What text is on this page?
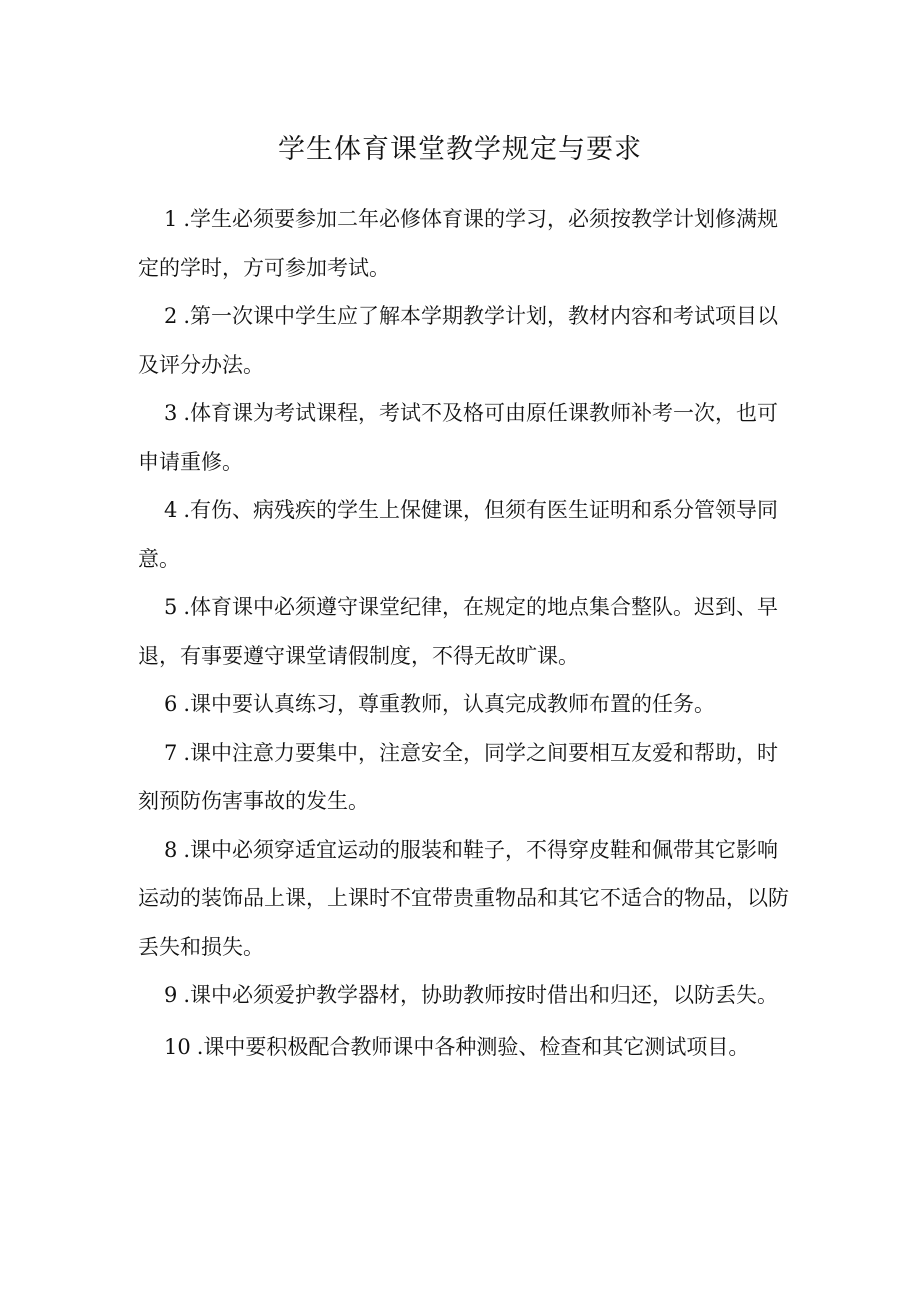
学生体育课堂教学规定与要求

1 .学生必须要参加二年必修体育课的学习，必须按教学计划修满规定的学时，方可参加考试。

2 .第一次课中学生应了解本学期教学计划，教材内容和考试项目以及评分办法。

3 .体育课为考试课程，考试不及格可由原任课教师补考一次，也可申请重修。

4 .有伤、病残疾的学生上保健课，但须有医生证明和系分管领导同意。

5 .体育课中必须遵守课堂纪律，在规定的地点集合整队。迟到、早退，有事要遵守课堂请假制度，不得无故旷课。

6 .课中要认真练习，尊重教师，认真完成教师布置的任务。

7 .课中注意力要集中，注意安全，同学之间要相互友爱和帮助，时刻预防伤害事故的发生。

8 .课中必须穿适宜运动的服装和鞋子，不得穿皮鞋和佩带其它影响运动的装饰品上课，上课时不宜带贵重物品和其它不适合的物品，以防丢失和损失。

9 .课中必须爱护教学器材，协助教师按时借出和归还，以防丢失。

10 .课中要积极配合教师课中各种测验、检查和其它测试项目。
